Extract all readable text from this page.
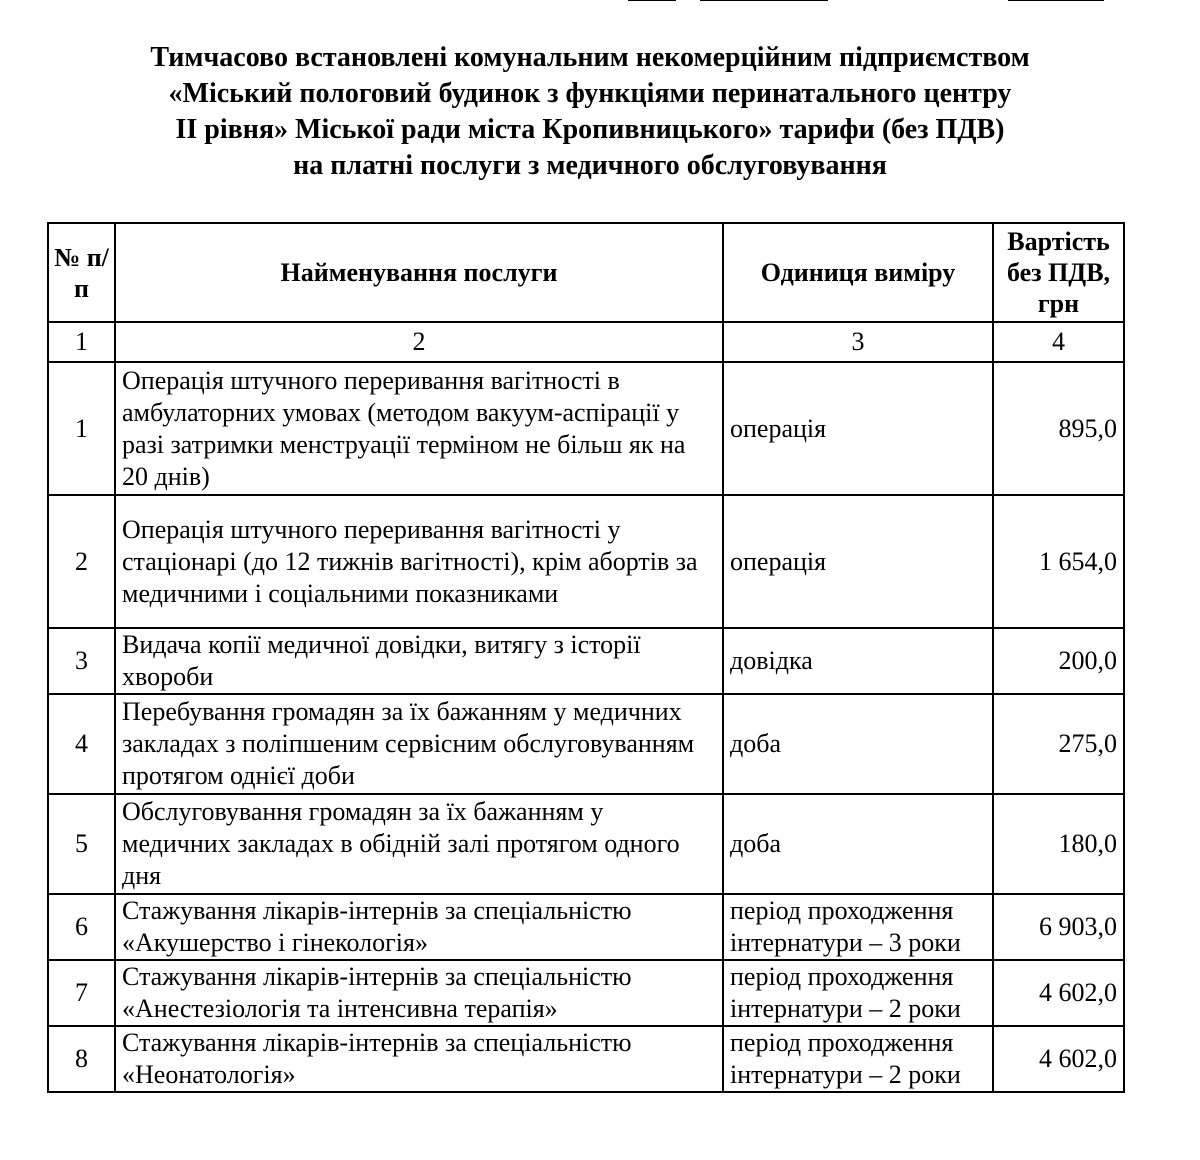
Тимчасово встановлені комунальним некомерційним підприємством
«Міський пологовий будинок з функціями перинатального центру
ІІ рівня» Міської ради міста Кропивницького» тарифи (без ПДВ)
на платні послуги з медичного обслуговування
№ п/п	Найменування послуги	Одиниця виміру	Вартість без ПДВ, грн
1	2	3	4
1	Операція штучного переривання вагітності в амбулаторних умовах (методом вакуум-аспірації у разі затримки менструації терміном не більш як на 20 днів)	операція	895,0
2	Операція штучного переривання вагітності у стаціонарі (до 12 тижнів вагітності), крім абортів за медичними і соціальними показниками	операція	1 654,0
3	Видача копії медичної довідки, витягу з історії хвороби	довідка	200,0
4	Перебування громадян за їх бажанням у медичних закладах з поліпшеним сервісним обслуговуванням протягом однієї доби	доба	275,0
5	Обслуговування громадян за їх бажанням у медичних закладах в обідній залі протягом одного дня	доба	180,0
6	Стажування лікарів-інтернів за спеціальністю «Акушерство і гінекологія»	період проходження інтернатури – 3 роки	6 903,0
7	Стажування лікарів-інтернів за спеціальністю «Анестезіологія та інтенсивна терапія»	період проходження інтернатури – 2 роки	4 602,0
8	Стажування лікарів-інтернів за спеціальністю «Неонатологія»	період проходження інтернатури – 2 роки	4 602,0
